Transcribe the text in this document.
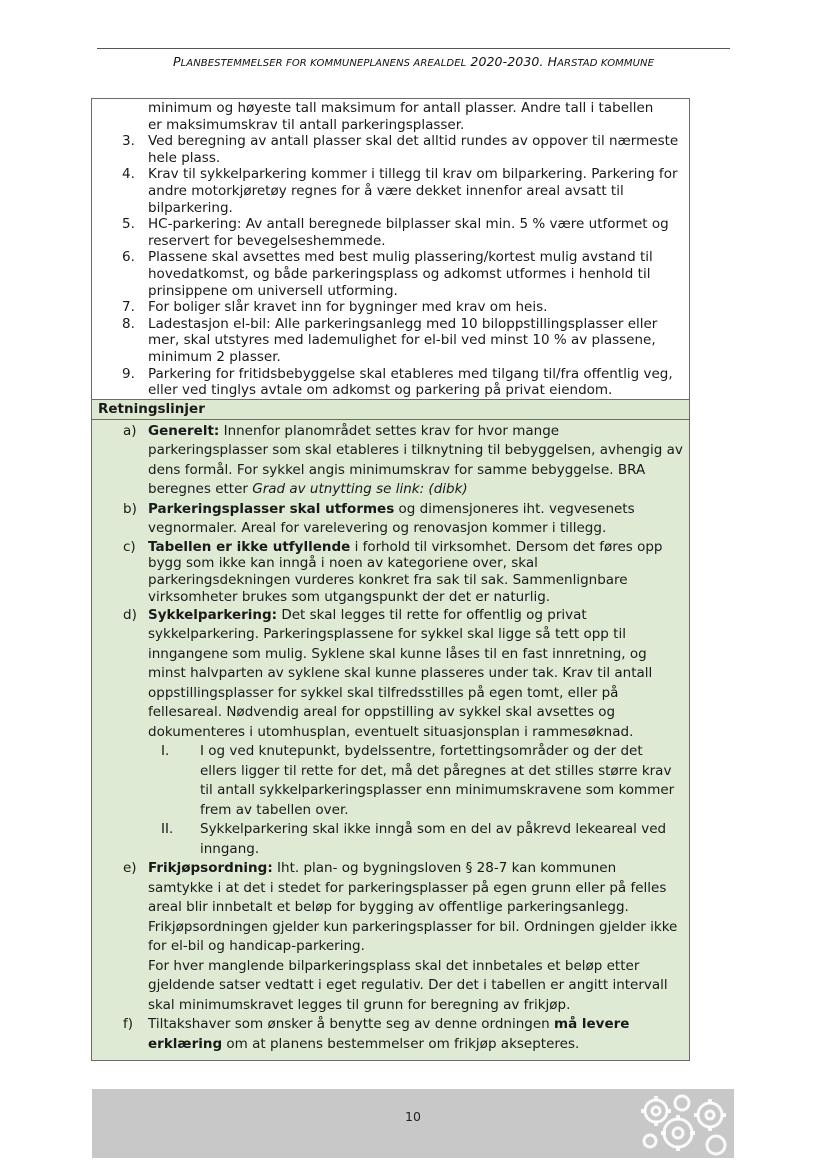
PLANBESTEMMELSER FOR KOMMUNEPLANENS AREALDEL 2020-2030. HARSTAD KOMMUNE
minimum og høyeste tall maksimum for antall plasser. Andre tall i tabellen
er maksimumskrav til antall parkeringsplasser.
3. Ved beregning av antall plasser skal det alltid rundes av oppover til nærmeste hele plass.
4. Krav til sykkelparkering kommer i tillegg til krav om bilparkering. Parkering for andre motorkjøretøy regnes for å være dekket innenfor areal avsatt til bilparkering.
5. HC-parkering: Av antall beregnede bilplasser skal min. 5 % være utformet og reservert for bevegelseshemmede.
6. Plassene skal avsettes med best mulig plassering/kortest mulig avstand til hovedatkomst, og både parkeringsplass og adkomst utformes i henhold til prinsippene om universell utforming.
7. For boliger slår kravet inn for bygninger med krav om heis.
8. Ladestasjon el-bil: Alle parkeringsanlegg med 10 biloppstillingsplasser eller mer, skal utstyres med lademulighet for el-bil ved minst 10 % av plassene, minimum 2 plasser.
9. Parkering for fritidsbebyggelse skal etableres med tilgang til/fra offentlig veg, eller ved tinglys avtale om adkomst og parkering på privat eiendom.
Retningslinjer
a) Generelt: Innenfor planområdet settes krav for hvor mange parkeringsplasser som skal etableres i tilknytning til bebyggelsen, avhengig av dens formål. For sykkel angis minimumskrav for samme bebyggelse. BRA beregnes etter Grad av utnytting se link: (dibk)
b) Parkeringsplasser skal utformes og dimensjoneres iht. vegvesenets vegnormaler. Areal for varelevering og renovasjon kommer i tillegg.
c) Tabellen er ikke utfyllende i forhold til virksomhet. Dersom det føres opp bygg som ikke kan inngå i noen av kategoriene over, skal parkeringsdekningen vurderes konkret fra sak til sak. Sammenlignbare virksomheter brukes som utgangspunkt der det er naturlig.
d) Sykkelparkering: Det skal legges til rette for offentlig og privat sykkelparkering. Parkeringsplassene for sykkel skal ligge så tett opp til inngangene som mulig. Syklene skal kunne låses til en fast innretning, og minst halvparten av syklene skal kunne plasseres under tak. Krav til antall oppstillingsplasser for sykkel skal tilfredsstilles på egen tomt, eller på fellesareal. Nødvendig areal for oppstilling av sykkel skal avsettes og dokumenteres i utomhusplan, eventuelt situasjonsplan i rammesøknad.
I. I og ved knutepunkt, bydelssentre, fortettingsområder og der det ellers ligger til rette for det, må det påregnes at det stilles større krav til antall sykkelparkeringsplasser enn minimumskravene som kommer frem av tabellen over.
II. Sykkelparkering skal ikke inngå som en del av påkrevd lekeareal ved inngang.
e) Frikjøpsordning: Iht. plan- og bygningsloven § 28-7 kan kommunen samtykke i at det i stedet for parkeringsplasser på egen grunn eller på felles areal blir innbetalt et beløp for bygging av offentlige parkeringsanlegg. Frikjøpsordningen gjelder kun parkeringsplasser for bil. Ordningen gjelder ikke for el-bil og handicap-parkering.

For hver manglende bilparkeringsplass skal det innbetales et beløp etter gjeldende satser vedtatt i eget regulativ. Der det i tabellen er angitt intervall skal minimumskravet legges til grunn for beregning av frikjøp.

f) Tiltakshaver som ønsker å benytte seg av denne ordningen må levere erklæring om at planens bestemmelser om frikjøp aksepteres.
10
